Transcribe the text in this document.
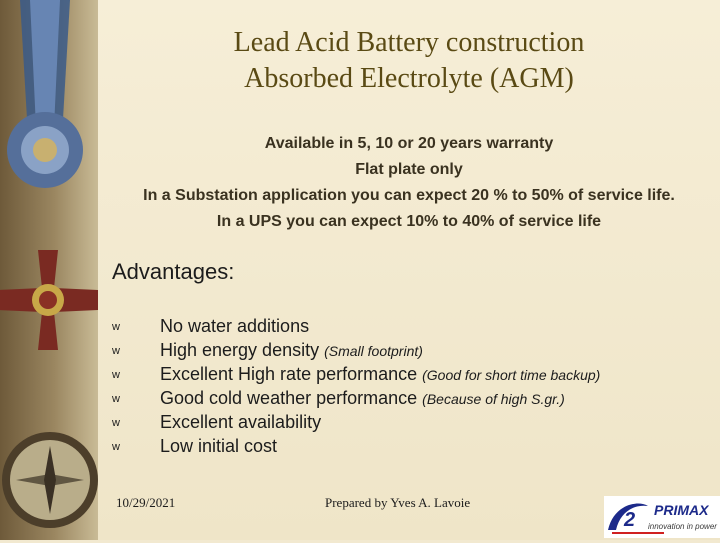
Lead Acid Battery construction
Absorbed Electrolyte (AGM)
Available in 5, 10 or 20 years warranty
Flat plate only
In a Substation application you can expect 20 % to 50% of service life.
In a UPS you can expect 10% to 40% of service life
Advantages:
w No water additions
w High energy density (Small footprint)
w Excellent High rate performance (Good for short time backup)
w Good cold weather performance (Because of high S.gr.)
w Excellent availability
w Low initial cost
10/29/2021	Prepared by Yves A. Lavoie
2 PRIMAX
innovation in power
